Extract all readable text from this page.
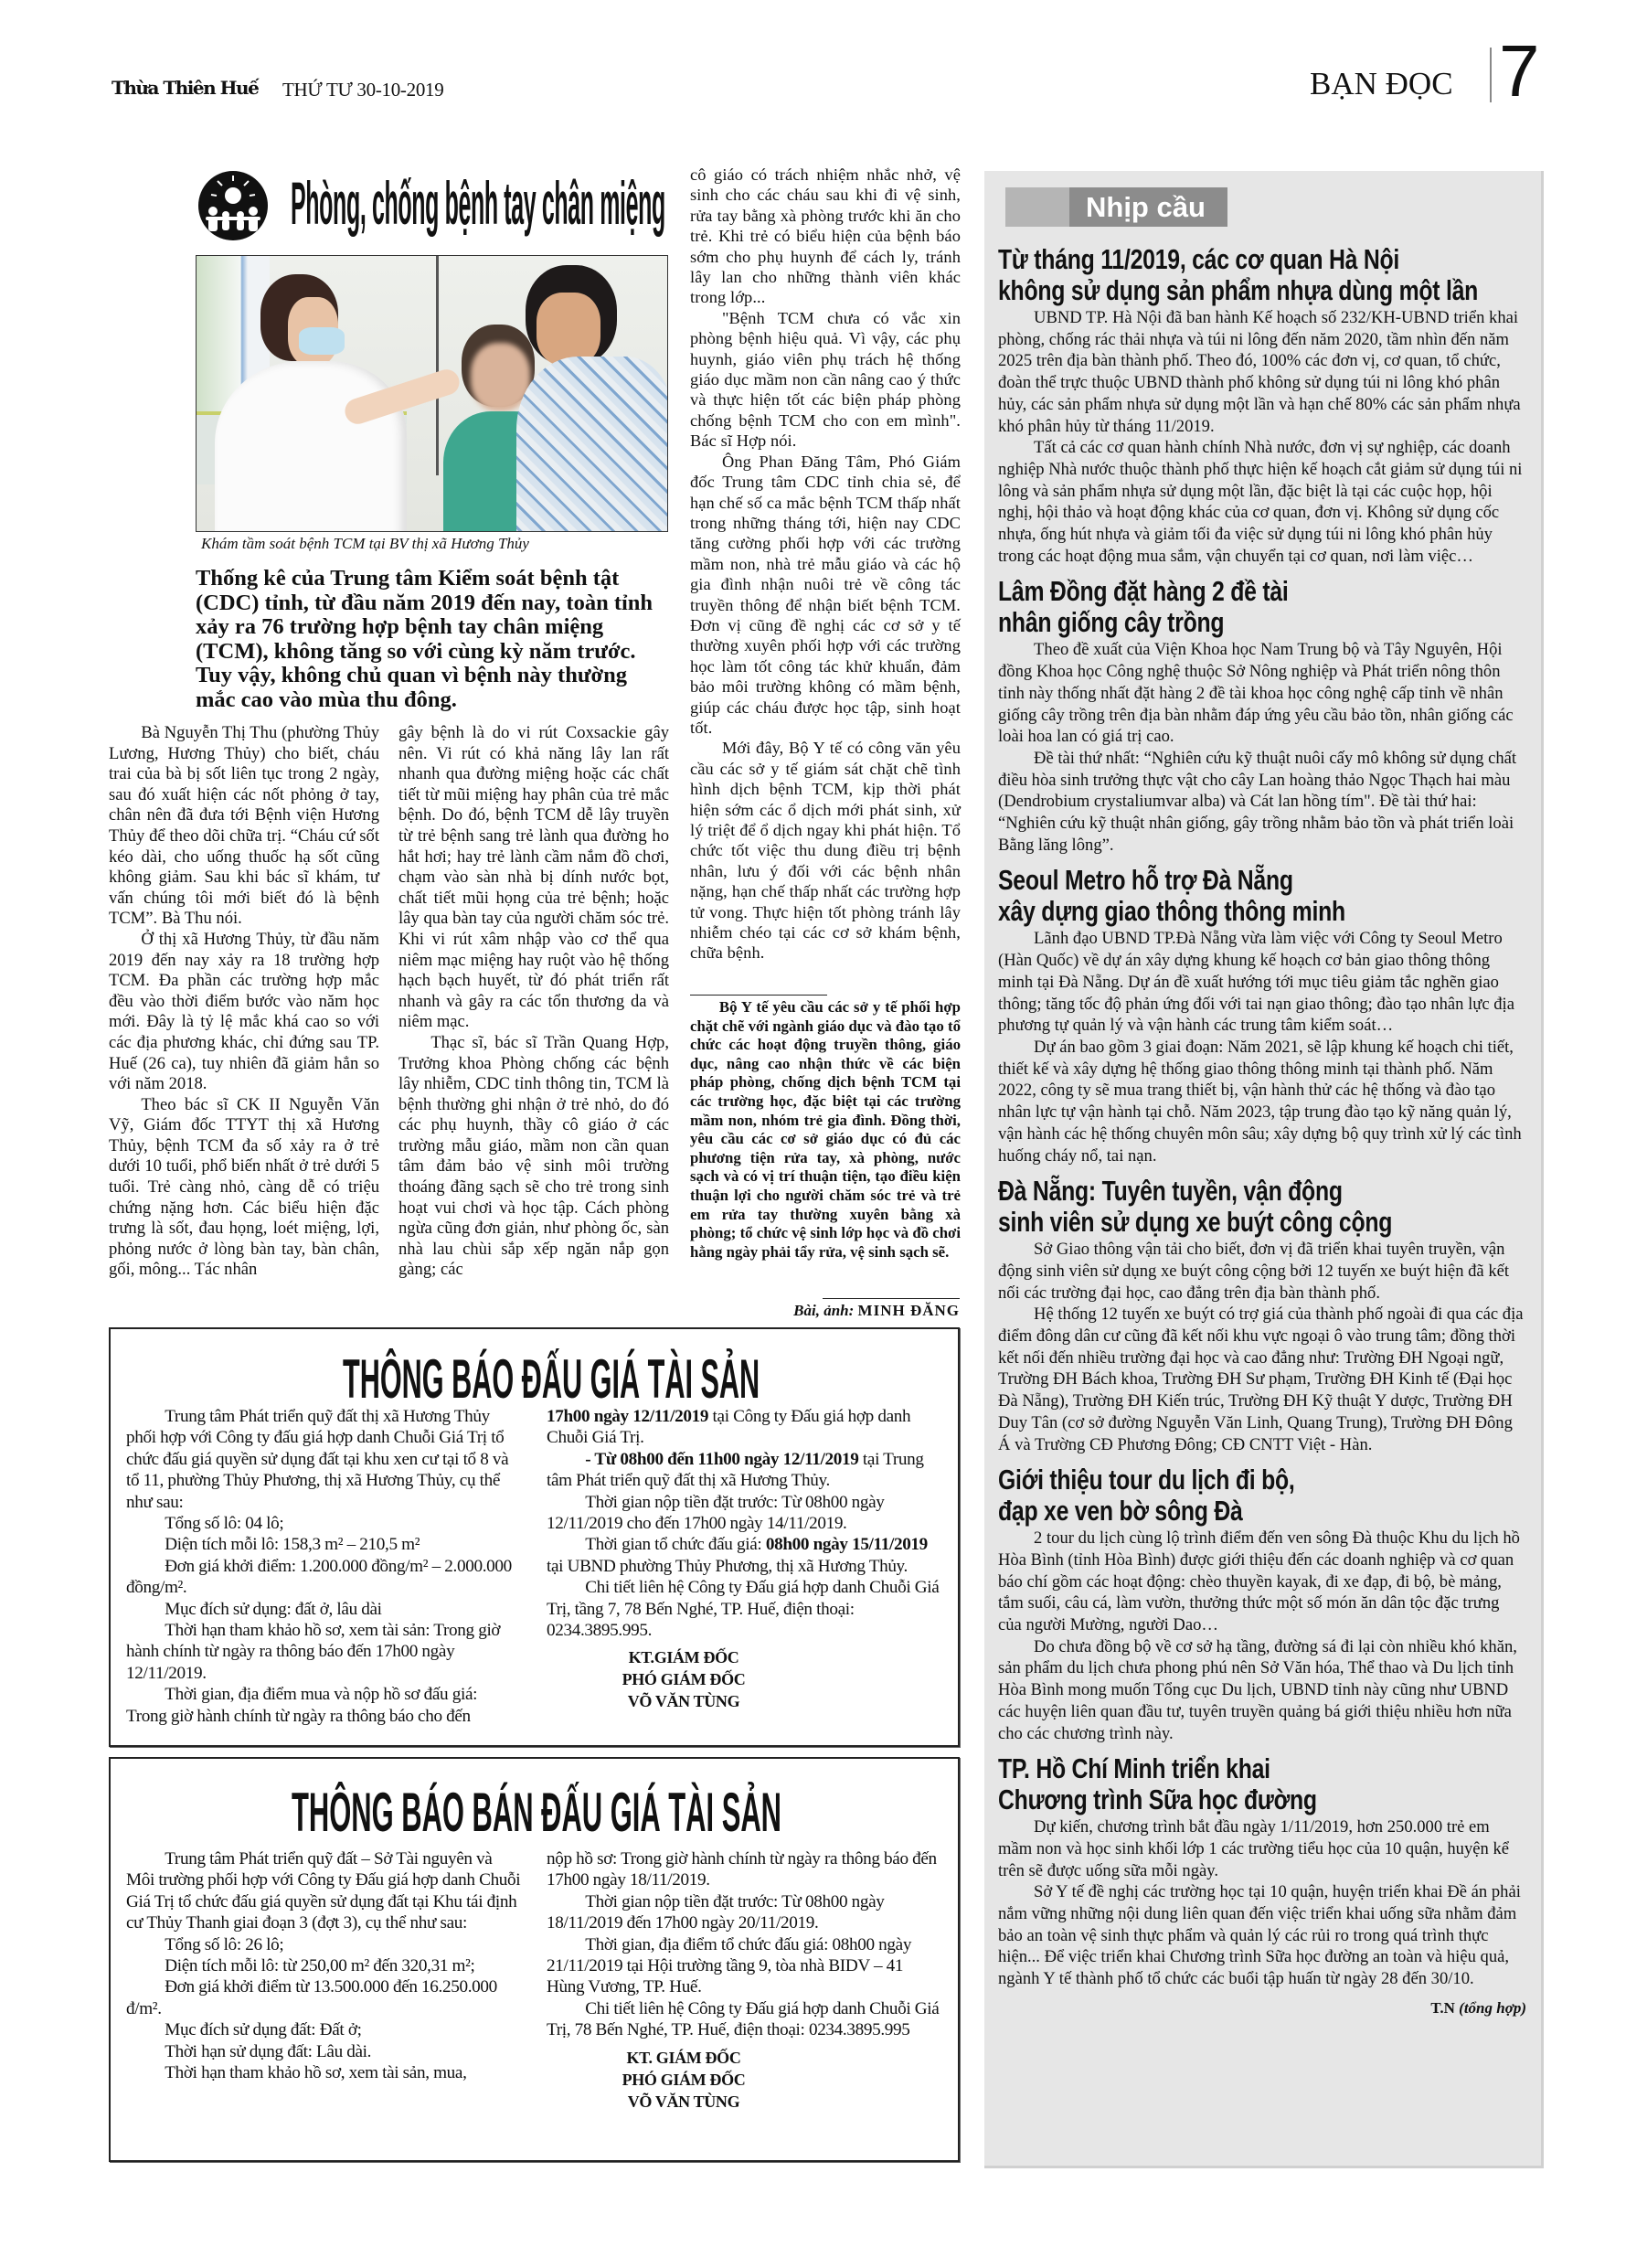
Thừa Thiên Huế THỨ TƯ 30-10-2019	BẠN ĐỌC 7
Phòng, chống bệnh tay chân miệng
Khám tầm soát bệnh TCM tại BV thị xã Hương Thủy

Thống kê của Trung tâm Kiểm soát bệnh tật (CDC) tỉnh, từ đầu năm 2019 đến nay, toàn tỉnh xảy ra 76 trường hợp bệnh tay chân miệng (TCM), không tăng so với cùng kỳ năm trước. Tuy vậy, không chủ quan vì bệnh này thường mắc cao vào mùa thu đông.

Bà Nguyễn Thị Thu (phường Thủy Lương, Hương Thủy) cho biết, cháu trai của bà bị sốt liên tục trong 2 ngày, sau đó xuất hiện các nốt phỏng ở tay, chân nên đã đưa tới Bệnh viện Hương Thủy để theo dõi chữa trị. “Cháu cứ sốt kéo dài, cho uống thuốc hạ sốt cũng không giảm. Sau khi bác sĩ khám, tư vấn chúng tôi mới biết đó là bệnh TCM”. Bà Thu nói.

Ở thị xã Hương Thủy, từ đầu năm 2019 đến nay xảy ra 18 trường hợp TCM. Đa phần các trường hợp mắc đều vào thời điểm bước vào năm học mới. Đây là tỷ lệ mắc khá cao so với các địa phương khác, chỉ đứng sau TP. Huế (26 ca), tuy nhiên đã giảm hẳn so với năm 2018.

Theo bác sĩ CK II Nguyễn Văn Vỹ, Giám đốc TTYT thị xã Hương Thủy, bệnh TCM đa số xảy ra ở trẻ dưới 10 tuổi, phổ biến nhất ở trẻ dưới 5 tuổi. Trẻ càng nhỏ, càng dễ có triệu chứng nặng hơn. Các biểu hiện đặc trưng là sốt, đau họng, loét miệng, lợi, phỏng nước ở lòng bàn tay, bàn chân, gối, mông... Tác nhân

gây bệnh là do vi rút Coxsackie gây nên. Vi rút có khả năng lây lan rất nhanh qua đường miệng hoặc các chất tiết từ mũi miệng hay phân của trẻ mắc bệnh. Do đó, bệnh TCM dễ lây truyền từ trẻ bệnh sang trẻ lành qua đường ho hắt hơi; hay trẻ lành cầm nắm đồ chơi, chạm vào sàn nhà bị dính nước bọt, chất tiết mũi họng của trẻ bệnh; hoặc lây qua bàn tay của người chăm sóc trẻ. Khi vi rút xâm nhập vào cơ thể qua niêm mạc miệng hay ruột vào hệ thống hạch bạch huyết, từ đó phát triển rất nhanh và gây ra các tổn thương da và niêm mạc.

Thạc sĩ, bác sĩ Trần Quang Hợp, Trưởng khoa Phòng chống các bệnh lây nhiễm, CDC tỉnh thông tin, TCM là bệnh thường ghi nhận ở trẻ nhỏ, do đó các phụ huynh, thầy cô giáo ở các trường mẫu giáo, mầm non cần quan tâm đảm bảo vệ sinh môi trường thoáng đãng sạch sẽ cho trẻ trong sinh hoạt vui chơi và học tập. Cách phòng ngừa cũng đơn giản, như phòng ốc, sàn nhà lau chùi sắp xếp ngăn nắp gọn gàng; các

cô giáo có trách nhiệm nhắc nhở, vệ sinh cho các cháu sau khi đi vệ sinh, rửa tay bằng xà phòng trước khi ăn cho trẻ. Khi trẻ có biểu hiện của bệnh báo sớm cho phụ huynh để cách ly, tránh lây lan cho những thành viên khác trong lớp...

"Bệnh TCM chưa có vắc xin phòng bệnh hiệu quả. Vì vậy, các phụ huynh, giáo viên phụ trách hệ thống giáo dục mầm non cần nâng cao ý thức và thực hiện tốt các biện pháp phòng chống bệnh TCM cho con em mình". Bác sĩ Hợp nói.

Ông Phan Đăng Tâm, Phó Giám đốc Trung tâm CDC tỉnh chia sẻ, để hạn chế số ca mắc bệnh TCM thấp nhất trong những tháng tới, hiện nay CDC tăng cường phối hợp với các trường mầm non, nhà trẻ mẫu giáo và các hộ gia đình nhận nuôi trẻ về công tác truyền thông để nhận biết bệnh TCM. Đơn vị cũng đề nghị các cơ sở y tế thường xuyên phối hợp với các trường học làm tốt công tác khử khuẩn, đảm bảo môi trường không có mầm bệnh, giúp các cháu được học tập, sinh hoạt tốt.

Mới đây, Bộ Y tế có công văn yêu cầu các sở y tế giám sát chặt chẽ tình hình dịch bệnh TCM, kịp thời phát hiện sớm các ổ dịch mới phát sinh, xử lý triệt để ổ dịch ngay khi phát hiện. Tổ chức tốt việc thu dung điều trị bệnh nhân, lưu ý đối với các bệnh nhân nặng, hạn chế thấp nhất các trường hợp tử vong. Thực hiện tốt phòng tránh lây nhiễm chéo tại các cơ sở khám bệnh, chữa bệnh.

Bộ Y tế yêu cầu các sở y tế phối hợp chặt chẽ với ngành giáo dục và đào tạo tổ chức các hoạt động truyền thông, giáo dục, nâng cao nhận thức về các biện pháp phòng, chống dịch bệnh TCM tại các trường học, đặc biệt tại các trường mầm non, nhóm trẻ gia đình. Đồng thời, yêu cầu các cơ sở giáo dục có đủ các phương tiện rửa tay, xà phòng, nước sạch và có vị trí thuận tiện, tạo điều kiện thuận lợi cho người chăm sóc trẻ và trẻ em rửa tay thường xuyên bằng xà phòng; tổ chức vệ sinh lớp học và đồ chơi hằng ngày phải tẩy rửa, vệ sinh sạch sẽ.

Bài, ảnh: MINH ĐĂNG
THÔNG BÁO ĐẤU GIÁ TÀI SẢN

Trung tâm Phát triển quỹ đất thị xã Hương Thủy phối hợp với Công ty đấu giá hợp danh Chuỗi Giá Trị tổ chức đấu giá quyền sử dụng đất tại khu xen cư tại tổ 8 và tổ 11, phường Thủy Phương, thị xã Hương Thủy, cụ thể như sau:

Tổng số lô: 04 lô;

Diện tích mỗi lô: 158,3 m² – 210,5 m²

Đơn giá khởi điểm: 1.200.000 đồng/m² – 2.000.000 đồng/m².

Mục đích sử dụng: đất ở, lâu dài

Thời hạn tham khảo hồ sơ, xem tài sản: Trong giờ hành chính từ ngày ra thông báo đến 17h00 ngày 12/11/2019.

Thời gian, địa điểm mua và nộp hồ sơ đấu giá: Trong giờ hành chính từ ngày ra thông báo cho đến

17h00 ngày 12/11/2019 tại Công ty Đấu giá hợp danh Chuỗi Giá Trị.

- Từ 08h00 đến 11h00 ngày 12/11/2019 tại Trung tâm Phát triển quỹ đất thị xã Hương Thủy.

Thời gian nộp tiền đặt trước: Từ 08h00 ngày 12/11/2019 cho đến 17h00 ngày 14/11/2019.

Thời gian tổ chức đấu giá: 08h00 ngày 15/11/2019 tại UBND phường Thủy Phương, thị xã Hương Thủy.

Chi tiết liên hệ Công ty Đấu giá hợp danh Chuỗi Giá Trị, tầng 7, 78 Bến Nghé, TP. Huế, điện thoại: 0234.3895.995.

KT.GIÁM ĐỐC
PHÓ GIÁM ĐỐC
VÕ VĂN TÙNG
THÔNG BÁO BÁN ĐẤU GIÁ TÀI SẢN

Trung tâm Phát triển quỹ đất – Sở Tài nguyên và Môi trường phối hợp với Công ty Đấu giá hợp danh Chuỗi Giá Trị tổ chức đấu giá quyền sử dụng đất tại Khu tái định cư Thủy Thanh giai đoạn 3 (đợt 3), cụ thể như sau:

Tổng số lô: 26 lô;

Diện tích mỗi lô: từ 250,00 m² đến 320,31 m²;

Đơn giá khởi điểm từ 13.500.000 đến 16.250.000 đ/m².

Mục đích sử dụng đất: Đất ở;

Thời hạn sử dụng đất: Lâu dài.

Thời hạn tham khảo hồ sơ, xem tài sản, mua,

nộp hồ sơ: Trong giờ hành chính từ ngày ra thông báo đến 17h00 ngày 18/11/2019.

Thời gian nộp tiền đặt trước: Từ 08h00 ngày 18/11/2019 đến 17h00 ngày 20/11/2019.

Thời gian, địa điểm tổ chức đấu giá: 08h00 ngày 21/11/2019 tại Hội trường tầng 9, tòa nhà BIDV – 41 Hùng Vương, TP. Huế.

Chi tiết liên hệ Công ty Đấu giá hợp danh Chuỗi Giá Trị, 78 Bến Nghé, TP. Huế, điện thoại: 0234.3895.995

KT. GIÁM ĐỐC
PHÓ GIÁM ĐỐC
VÕ VĂN TÙNG
Nhịp cầu
Từ tháng 11/2019, các cơ quan Hà Nội
không sử dụng sản phẩm nhựa dùng một lần

UBND TP. Hà Nội đã ban hành Kế hoạch số 232/KH-UBND triển khai phòng, chống rác thải nhựa và túi ni lông đến năm 2020, tầm nhìn đến năm 2025 trên địa bàn thành phố. Theo đó, 100% các đơn vị, cơ quan, tổ chức, đoàn thể trực thuộc UBND thành phố không sử dụng túi ni lông khó phân hủy, các sản phẩm nhựa sử dụng một lần và hạn chế 80% các sản phẩm nhựa khó phân hủy từ tháng 11/2019.

Tất cả các cơ quan hành chính Nhà nước, đơn vị sự nghiệp, các doanh nghiệp Nhà nước thuộc thành phố thực hiện kế hoạch cắt giảm sử dụng túi ni lông và sản phẩm nhựa sử dụng một lần, đặc biệt là tại các cuộc họp, hội nghị, hội thảo và hoạt động khác của cơ quan, đơn vị. Không sử dụng cốc nhựa, ống hút nhựa và giảm tối đa việc sử dụng túi ni lông khó phân hủy trong các hoạt động mua sắm, vận chuyển tại cơ quan, nơi làm việc…

Lâm Đồng đặt hàng 2 đề tài
nhân giống cây trồng

Theo đề xuất của Viện Khoa học Nam Trung bộ và Tây Nguyên, Hội đồng Khoa học Công nghệ thuộc Sở Nông nghiệp và Phát triển nông thôn tỉnh này thống nhất đặt hàng 2 đề tài khoa học công nghệ cấp tỉnh về nhân giống cây trồng trên địa bàn nhằm đáp ứng yêu cầu bảo tồn, nhân giống các loài hoa lan có giá trị cao.

Đề tài thứ nhất: “Nghiên cứu kỹ thuật nuôi cấy mô không sử dụng chất điều hòa sinh trưởng thực vật cho cây Lan hoàng thảo Ngọc Thạch hai màu (Dendrobium crystaliumvar alba) và Cát lan hồng tím". Đề tài thứ hai: “Nghiên cứu kỹ thuật nhân giống, gây trồng nhằm bảo tồn và phát triển loài Bằng lăng lông”.

Seoul Metro hỗ trợ Đà Nẵng
xây dựng giao thông thông minh

Lãnh đạo UBND TP.Đà Nẵng vừa làm việc với Công ty Seoul Metro (Hàn Quốc) về dự án xây dựng khung kế hoạch cơ bản giao thông thông minh tại Đà Nẵng. Dự án đề xuất hướng tới mục tiêu giảm tắc nghẽn giao thông; tăng tốc độ phản ứng đối với tai nạn giao thông; đào tạo nhân lực địa phương tự quản lý và vận hành các trung tâm kiểm soát…

Dự án bao gồm 3 giai đoạn: Năm 2021, sẽ lập khung kế hoạch chi tiết, thiết kế và xây dựng hệ thống giao thông thông minh tại thành phố. Năm 2022, công ty sẽ mua trang thiết bị, vận hành thử các hệ thống và đào tạo nhân lực tự vận hành tại chỗ. Năm 2023, tập trung đào tạo kỹ năng quản lý, vận hành các hệ thống chuyên môn sâu; xây dựng bộ quy trình xử lý các tình huống cháy nổ, tai nạn.

Đà Nẵng: Tuyên tuyền, vận động
sinh viên sử dụng xe buýt công cộng

Sở Giao thông vận tải cho biết, đơn vị đã triển khai tuyên truyền, vận động sinh viên sử dụng xe buýt công cộng bởi 12 tuyến xe buýt hiện đã kết nối các trường đại học, cao đẳng trên địa bàn thành phố.

Hệ thống 12 tuyến xe buýt có trợ giá của thành phố ngoài đi qua các địa điểm đông dân cư cũng đã kết nối khu vực ngoại ô vào trung tâm; đồng thời kết nối đến nhiều trường đại học và cao đẳng như: Trường ĐH Ngoại ngữ, Trường ĐH Bách khoa, Trường ĐH Sư phạm, Trường ĐH Kinh tế (Đại học Đà Nẵng), Trường ĐH Kiến trúc, Trường ĐH Kỹ thuật Y dược, Trường ĐH Duy Tân (cơ sở đường Nguyễn Văn Linh, Quang Trung), Trường ĐH Đông Á và Trường CĐ Phương Đông; CĐ CNTT Việt - Hàn.

Giới thiệu tour du lịch đi bộ,
đạp xe ven bờ sông Đà

2 tour du lịch cùng lộ trình điểm đến ven sông Đà thuộc Khu du lịch hồ Hòa Bình (tỉnh Hòa Bình) được giới thiệu đến các doanh nghiệp và cơ quan báo chí gồm các hoạt động: chèo thuyền kayak, đi xe đạp, đi bộ, bè mảng, tắm suối, câu cá, làm vườn, thưởng thức một số món ăn dân tộc đặc trưng của người Mường, người Dao…

Do chưa đồng bộ về cơ sở hạ tầng, đường sá đi lại còn nhiều khó khăn, sản phẩm du lịch chưa phong phú nên Sở Văn hóa, Thể thao và Du lịch tỉnh Hòa Bình mong muốn Tổng cục Du lịch, UBND tỉnh này cũng như UBND các huyện liên quan đầu tư, tuyên truyền quảng bá giới thiệu nhiều hơn nữa cho các chương trình này.

TP. Hồ Chí Minh triển khai
Chương trình Sữa học đường

Dự kiến, chương trình bắt đầu ngày 1/11/2019, hơn 250.000 trẻ em mầm non và học sinh khối lớp 1 các trường tiểu học của 10 quận, huyện kể trên sẽ được uống sữa mỗi ngày.

Sở Y tế đề nghị các trường học tại 10 quận, huyện triển khai Đề án phải nắm vững những nội dung liên quan đến việc triển khai uống sữa nhằm đảm bảo an toàn vệ sinh thực phẩm và quản lý các rủi ro trong quá trình thực hiện... Để việc triển khai Chương trình Sữa học đường an toàn và hiệu quả, ngành Y tế thành phố tổ chức các buổi tập huấn từ ngày 28 đến 30/10.

T.N (tổng hợp)
